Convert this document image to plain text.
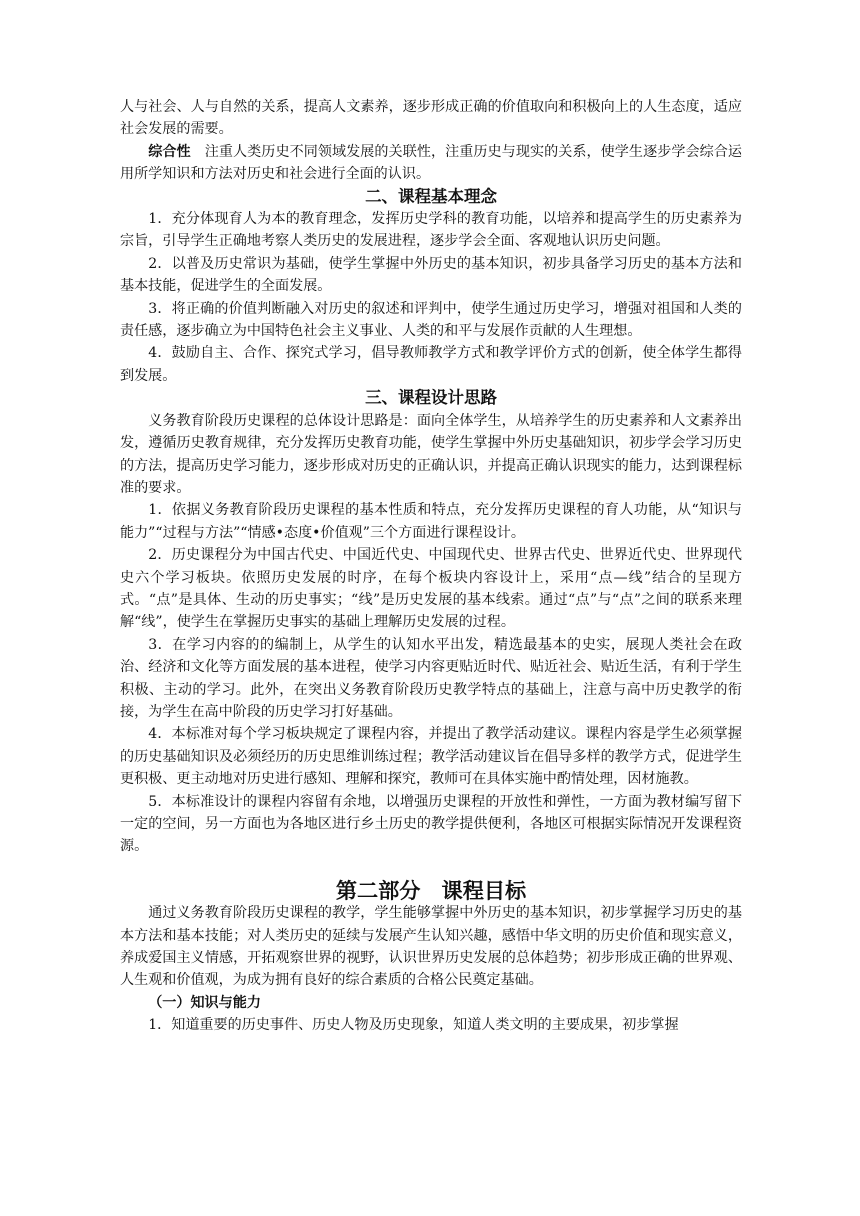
人与社会、人与自然的关系，提高人文素养，逐步形成正确的价值取向和积极向上的人生态度，适应社会发展的需要。

综合性　注重人类历史不同领域发展的关联性，注重历史与现实的关系，使学生逐步学会综合运用所学知识和方法对历史和社会进行全面的认识。

二、课程基本理念

1．充分体现育人为本的教育理念，发挥历史学科的教育功能，以培养和提高学生的历史素养为宗旨，引导学生正确地考察人类历史的发展进程，逐步学会全面、客观地认识历史问题。

2．以普及历史常识为基础，使学生掌握中外历史的基本知识，初步具备学习历史的基本方法和基本技能，促进学生的全面发展。

3．将正确的价值判断融入对历史的叙述和评判中，使学生通过历史学习，增强对祖国和人类的责任感，逐步确立为中国特色社会主义事业、人类的和平与发展作贡献的人生理想。

4．鼓励自主、合作、探究式学习，倡导教师教学方式和教学评价方式的创新，使全体学生都得到发展。

三、课程设计思路

义务教育阶段历史课程的总体设计思路是：面向全体学生，从培养学生的历史素养和人文素养出发，遵循历史教育规律，充分发挥历史教育功能，使学生掌握中外历史基础知识，初步学会学习历史的方法，提高历史学习能力，逐步形成对历史的正确认识，并提高正确认识现实的能力，达到课程标准的要求。

1．依据义务教育阶段历史课程的基本性质和特点，充分发挥历史课程的育人功能，从“知识与能力”“过程与方法”“情感•态度•价值观”三个方面进行课程设计。

2．历史课程分为中国古代史、中国近代史、中国现代史、世界古代史、世界近代史、世界现代史六个学习板块。依照历史发展的时序，在每个板块内容设计上，采用“点—线”结合的呈现方式。“点”是具体、生动的历史事实；“线”是历史发展的基本线索。通过“点”与“点”之间的联系来理解“线”，使学生在掌握历史事实的基础上理解历史发展的过程。

3．在学习内容的的编制上，从学生的认知水平出发，精选最基本的史实，展现人类社会在政治、经济和文化等方面发展的基本进程，使学习内容更贴近时代、贴近社会、贴近生活，有利于学生积极、主动的学习。此外，在突出义务教育阶段历史教学特点的基础上，注意与高中历史教学的衔接，为学生在高中阶段的历史学习打好基础。

4．本标准对每个学习板块规定了课程内容，并提出了教学活动建议。课程内容是学生必须掌握的历史基础知识及必须经历的历史思维训练过程；教学活动建议旨在倡导多样的教学方式，促进学生更积极、更主动地对历史进行感知、理解和探究，教师可在具体实施中酌情处理，因材施教。

5．本标准设计的课程内容留有余地，以增强历史课程的开放性和弹性，一方面为教材编写留下一定的空间，另一方面也为各地区进行乡土历史的教学提供便利，各地区可根据实际情况开发课程资源。

第二部分　课程目标

通过义务教育阶段历史课程的教学，学生能够掌握中外历史的基本知识，初步掌握学习历史的基本方法和基本技能；对人类历史的延续与发展产生认知兴趣，感悟中华文明的历史价值和现实意义，养成爱国主义情感，开拓观察世界的视野，认识世界历史发展的总体趋势；初步形成正确的世界观、人生观和价值观，为成为拥有良好的综合素质的合格公民奠定基础。

（一）知识与能力

1．知道重要的历史事件、历史人物及历史现象，知道人类文明的主要成果，初步掌握
